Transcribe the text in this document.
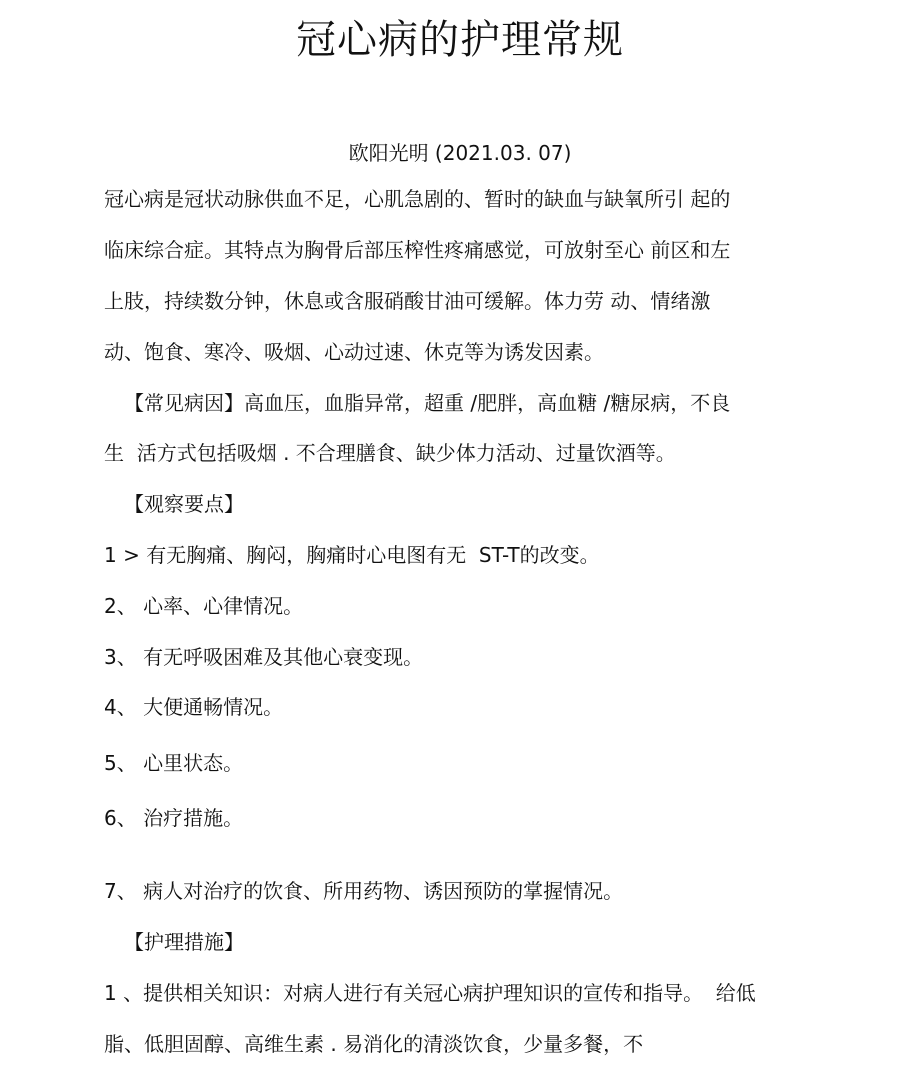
冠心病的护理常规
欧阳光明 (2021.03. 07)
冠心病是冠状动脉供血不足，心肌急剧的、暂时的缺血与缺氧所引 起的
临床综合症。其特点为胸骨后部压榨性疼痛感觉，可放射至心 前区和左
上肢，持续数分钟，休息或含服硝酸甘油可缓解。体力劳 动、情绪激
动、饱食、寒冷、吸烟、心动过速、休克等为诱发因素。
【常见病因】高血压，血脂异常，超重 /肥胖，高血糖 /糖尿病，不良
生  活方式包括吸烟 . 不合理膳食、缺少体力活动、过量饮酒等。
【观察要点】
1 > 有无胸痛、胸闷，胸痛时心电图有无  ST-T的改变。
2、 心率、心律情况。
3、 有无呼吸困难及其他心衰变现。
4、 大便通畅情况。
5、 心里状态。
6、 治疗措施。
7、 病人对治疗的饮食、所用药物、诱因预防的掌握情况。
【护理措施】
1 、提供相关知识：对病人进行有关冠心病护理知识的宣传和指导。  给低
脂、低胆固醇、高维生素 . 易消化的清淡饮食，少量多餐，不
